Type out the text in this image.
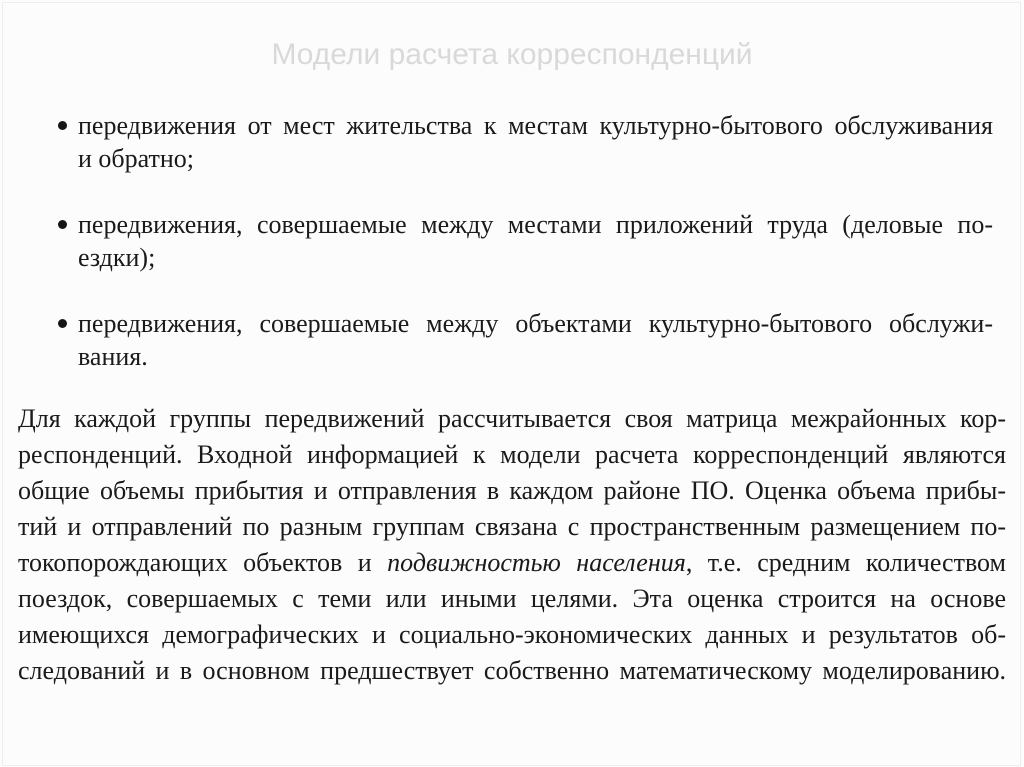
Модели расчета корреспонденций
передвижения от мест жительства к местам культурно-бытового обслуживания
и обратно;
передвижения, совершаемые между местами приложений труда (деловые по-
ездки);
передвижения, совершаемые между объектами культурно-бытового обслужи-
вания.
Для каждой группы передвижений рассчитывается своя матрица межрайонных кор-
респонденций. Входной информацией к модели расчета корреспонденций являются
общие объемы прибытия и отправления в каждом районе ПО. Оценка объема прибы-
тий и отправлений по разным группам связана с пространственным размещением по-
токопорождающих объектов и подвижностью населения, т.е. средним количеством
поездок, совершаемых с теми или иными целями. Эта оценка строится на основе
имеющихся демографических и социально-экономических данных и результатов об-
следований и в основном предшествует собственно математическому моделированию.
